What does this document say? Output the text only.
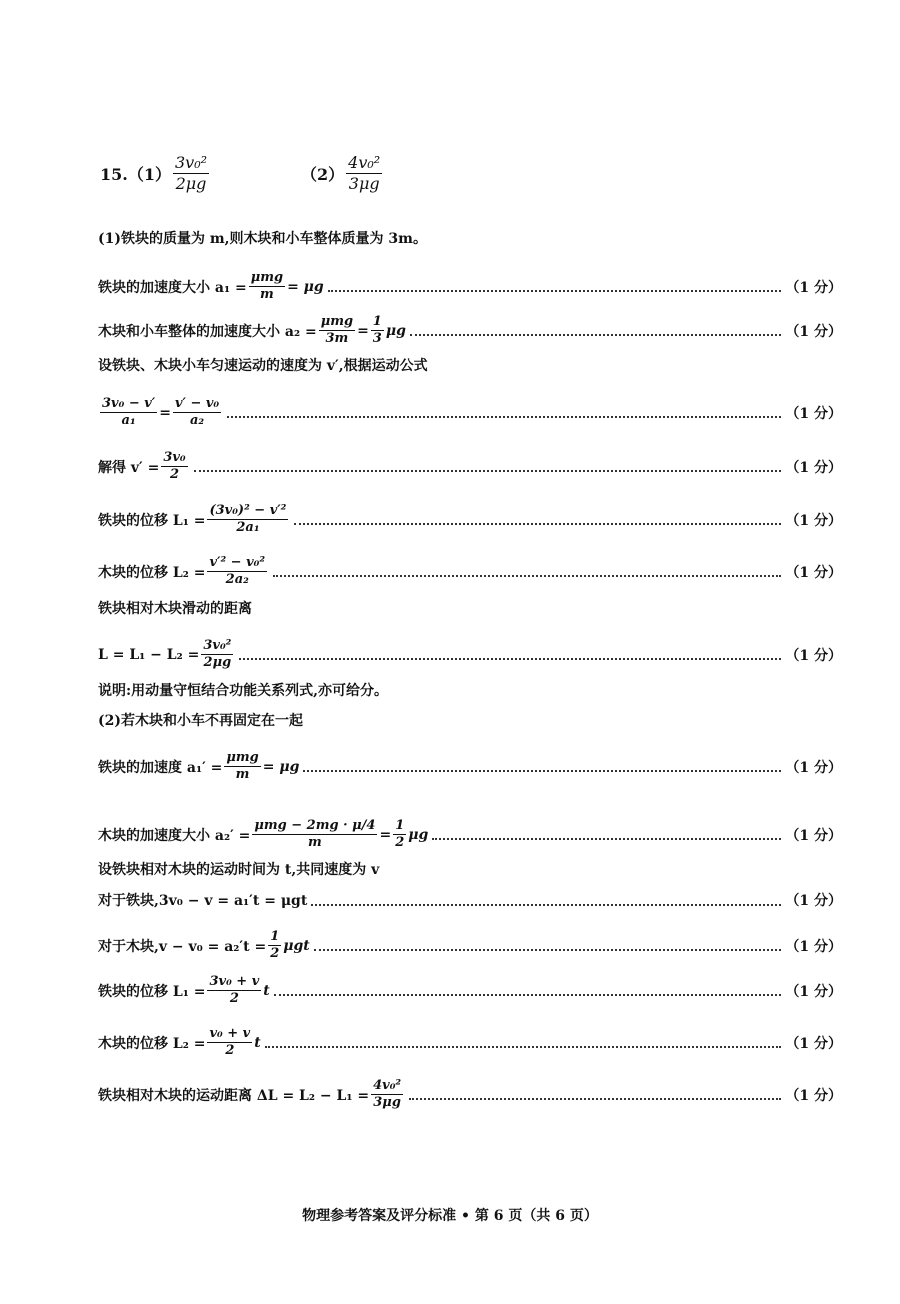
$15.(1) \frac{\text{3v₀²}}{2\mu g}$	$(2) \frac{\text{4v₀²}}{3\mu g}$
(1)铁块的质量为 m,则木块和小车整体质量为 3m。
铁块的加速度大小 $a_1 = \frac{\text{μmg}}{m} = \mu g$	（1 分）
木块和小车整体的加速度大小 $a_2 = \frac{\text{μmg}}{3m} = \frac{1}{3}$ μg	（1 分）
设铁块、木块小车匀速运动的速度为 v′,根据运动公式
$\frac{\text{3v₀ − v′}}{\text{a₁}} = \frac{\text{v′ − v₀}}{\text{a₂}}$	（1 分）
解得 $v' = \frac{\text{3v₀}}{2}$	（1 分）
铁块的位移 $L_1 = \frac{\text{(3v₀)² − v′²}}{\text{2a₁}}$	（1 分）
木块的位移 $L_2 = \frac{\text{v′² − v₀²}}{\text{2a₂}}$	（1 分）
铁块相对木块滑动的距离
$L = L_1 - L_2 = \frac{\text{3v₀²}}{2\mu g}$	（1 分）
说明:用动量守恒结合功能关系列式,亦可给分。
(2)若木块和小车不再固定在一起
铁块的加速度 $a_1' = \frac{\text{μmg}}{m} = \mu g$	（1 分）
木块的加速度大小 $a_2' = \frac{\text{μmg − 2mg · μ/4}}{m} = \frac{1}{2}$ μg	（1 分）
设铁块相对木块的运动时间为 t,共同速度为 v
对于铁块,3v₀ − v = a₁′t = μgt	（1 分）
对于木块$,v - v_0 = a_2't = \frac{1}{2}$ μgt	（1 分）
铁块的位移 $L_1 = \frac{\text{3v₀ + v}}{2}$ t	（1 分）
木块的位移 $L_2 = \frac{\text{v₀ + v}}{2}$ t	（1 分）
铁块相对木块的运动距离 $\Delta L = L_2 - L_1 = \frac{\text{4v₀²}}{3\mu g}$	（1 分）
物理参考答案及评分标准 • 第 6 页（共 6 页）
